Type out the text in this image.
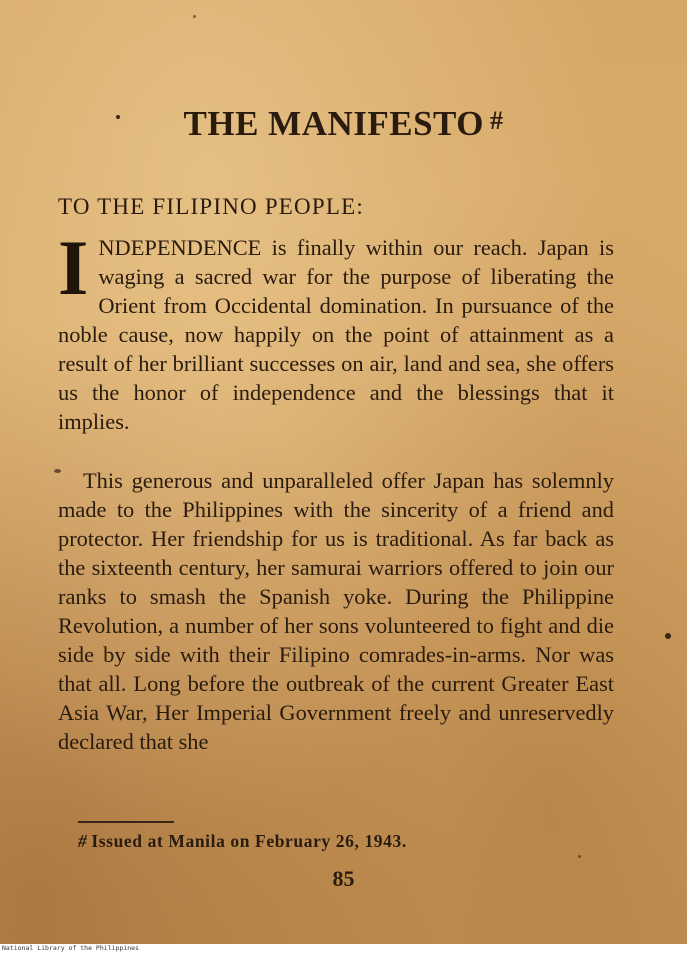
THE MANIFESTO #
TO THE FILIPINO PEOPLE:
INDEPENDENCE is finally within our reach. Japan is waging a sacred war for the purpose of liberating the Orient from Occidental domination. In pursuance of the noble cause, now happily on the point of attainment as a result of her brilliant successes on air, land and sea, she offers us the honor of independence and the blessings that it implies.
This generous and unparalleled offer Japan has solemnly made to the Philippines with the sincerity of a friend and protector. Her friendship for us is traditional. As far back as the sixteenth century, her samurai warriors offered to join our ranks to smash the Spanish yoke. During the Philippine Revolution, a number of her sons volunteered to fight and die side by side with their Filipino comrades-in-arms. Nor was that all. Long before the outbreak of the current Greater East Asia War, Her Imperial Government freely and unreservedly declared that she
# Issued at Manila on February 26, 1943.
85
National Library of the Philippines
